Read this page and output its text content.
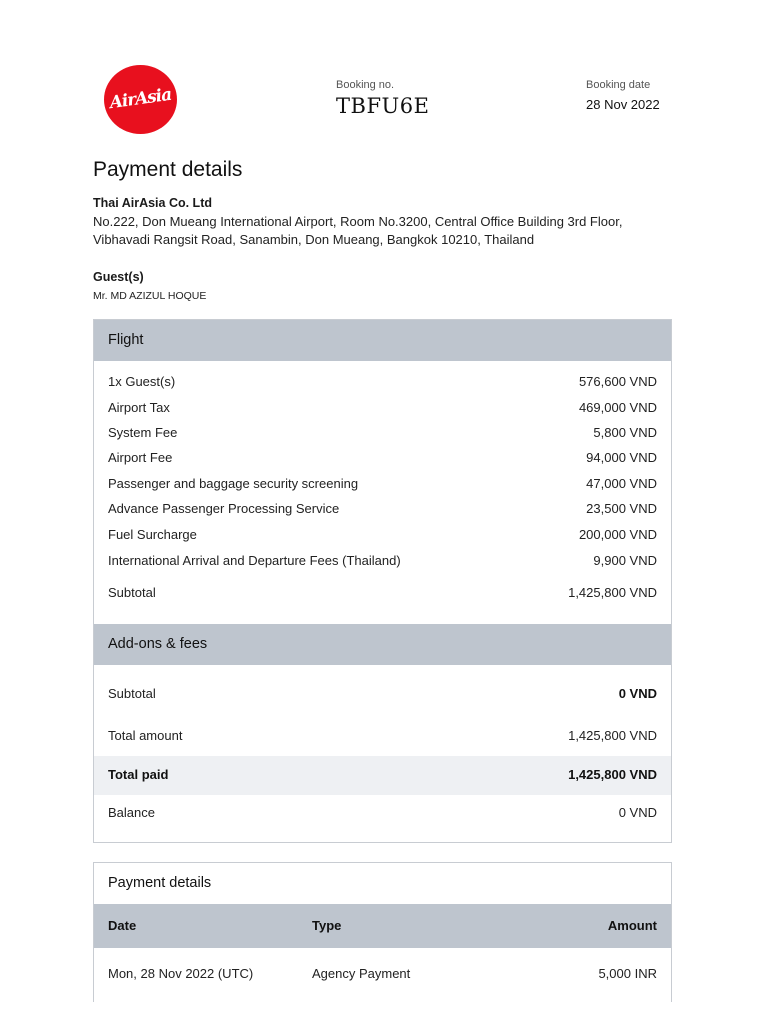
AirAsia	Booking no.
TBFU6E
Booking date
28 Nov 2022
Payment details
Thai AirAsia Co. Ltd
No.222, Don Mueang International Airport, Room No.3200, Central Office Building 3rd Floor, Vibhavadi Rangsit Road, Sanambin, Don Mueang, Bangkok 10210, Thailand
Guest(s)
Mr. MD AZIZUL HOQUE
Flight
1x Guest(s)	576,600 VND
Airport Tax	469,000 VND
System Fee	5,800 VND
Airport Fee	94,000 VND
Passenger and baggage security screening	47,000 VND
Advance Passenger Processing Service	23,500 VND
Fuel Surcharge	200,000 VND
International Arrival and Departure Fees (Thailand)	9,900 VND
Subtotal	1,425,800 VND
Add-ons & fees
Subtotal	0 VND
Total amount	1,425,800 VND
Total paid	1,425,800 VND
Balance	0 VND
Payment details
Date	Type	Amount
Mon, 28 Nov 2022 (UTC)	Agency Payment	5,000 INR
